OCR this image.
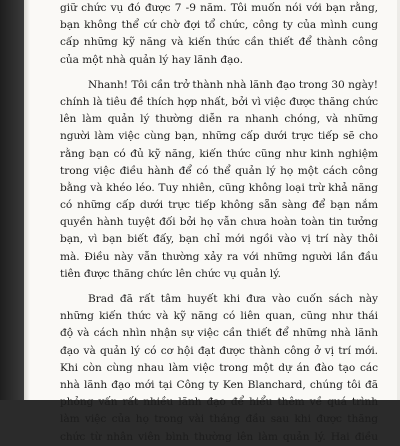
giữ chức vụ đó được 7 -9 năm. Tôi muốn nói với bạn rằng,
bạn không thể cứ chờ đợi tổ chức, công ty của mình cung
cấp những kỹ năng và kiến thức cần thiết để thành công
của một nhà quản lý hay lãnh đạo.
Nhanh! Tôi cần trở thành nhà lãnh đạo trong 30 ngày!
chính là tiêu đề thích hợp nhất, bởi vì việc được thăng chức
lên làm quản lý thường diễn ra nhanh chóng, và những
người làm việc cùng bạn, những cấp dưới trực tiếp sẽ cho
rằng bạn có đủ kỹ năng, kiến thức cũng như kinh nghiệm
trong việc điều hành để có thể quản lý họ một cách công
bằng và khéo léo. Tuy nhiên, cũng không loại trừ khả năng
có những cấp dưới trực tiếp không sẵn sàng để bạn nắm
quyền hành tuyệt đối bởi họ vẫn chưa hoàn toàn tin tưởng
bạn, vì bạn biết đấy, bạn chỉ mới ngồi vào vị trí này thôi
mà. Điều này vẫn thường xảy ra với những người lần đầu
tiên được thăng chức lên chức vụ quản lý.
Brad đã rất tâm huyết khi đưa vào cuốn sách này
những kiến thức và kỹ năng có liên quan, cũng như thái
độ và cách nhìn nhận sự việc cần thiết để những nhà lãnh
đạo và quản lý có cơ hội đạt được thành công ở vị trí mới.
Khi còn cùng nhau làm việc trong một dự án đào tạo các
nhà lãnh đạo mới tại Công ty Ken Blanchard, chúng tôi đã
phỏng vấn rất nhiều lãnh đạo để hiểu thêm về quá trình
làm việc của họ trong vài tháng đầu sau khi được thăng
chức từ nhân viên bình thường lên làm quản lý. Hai điều
